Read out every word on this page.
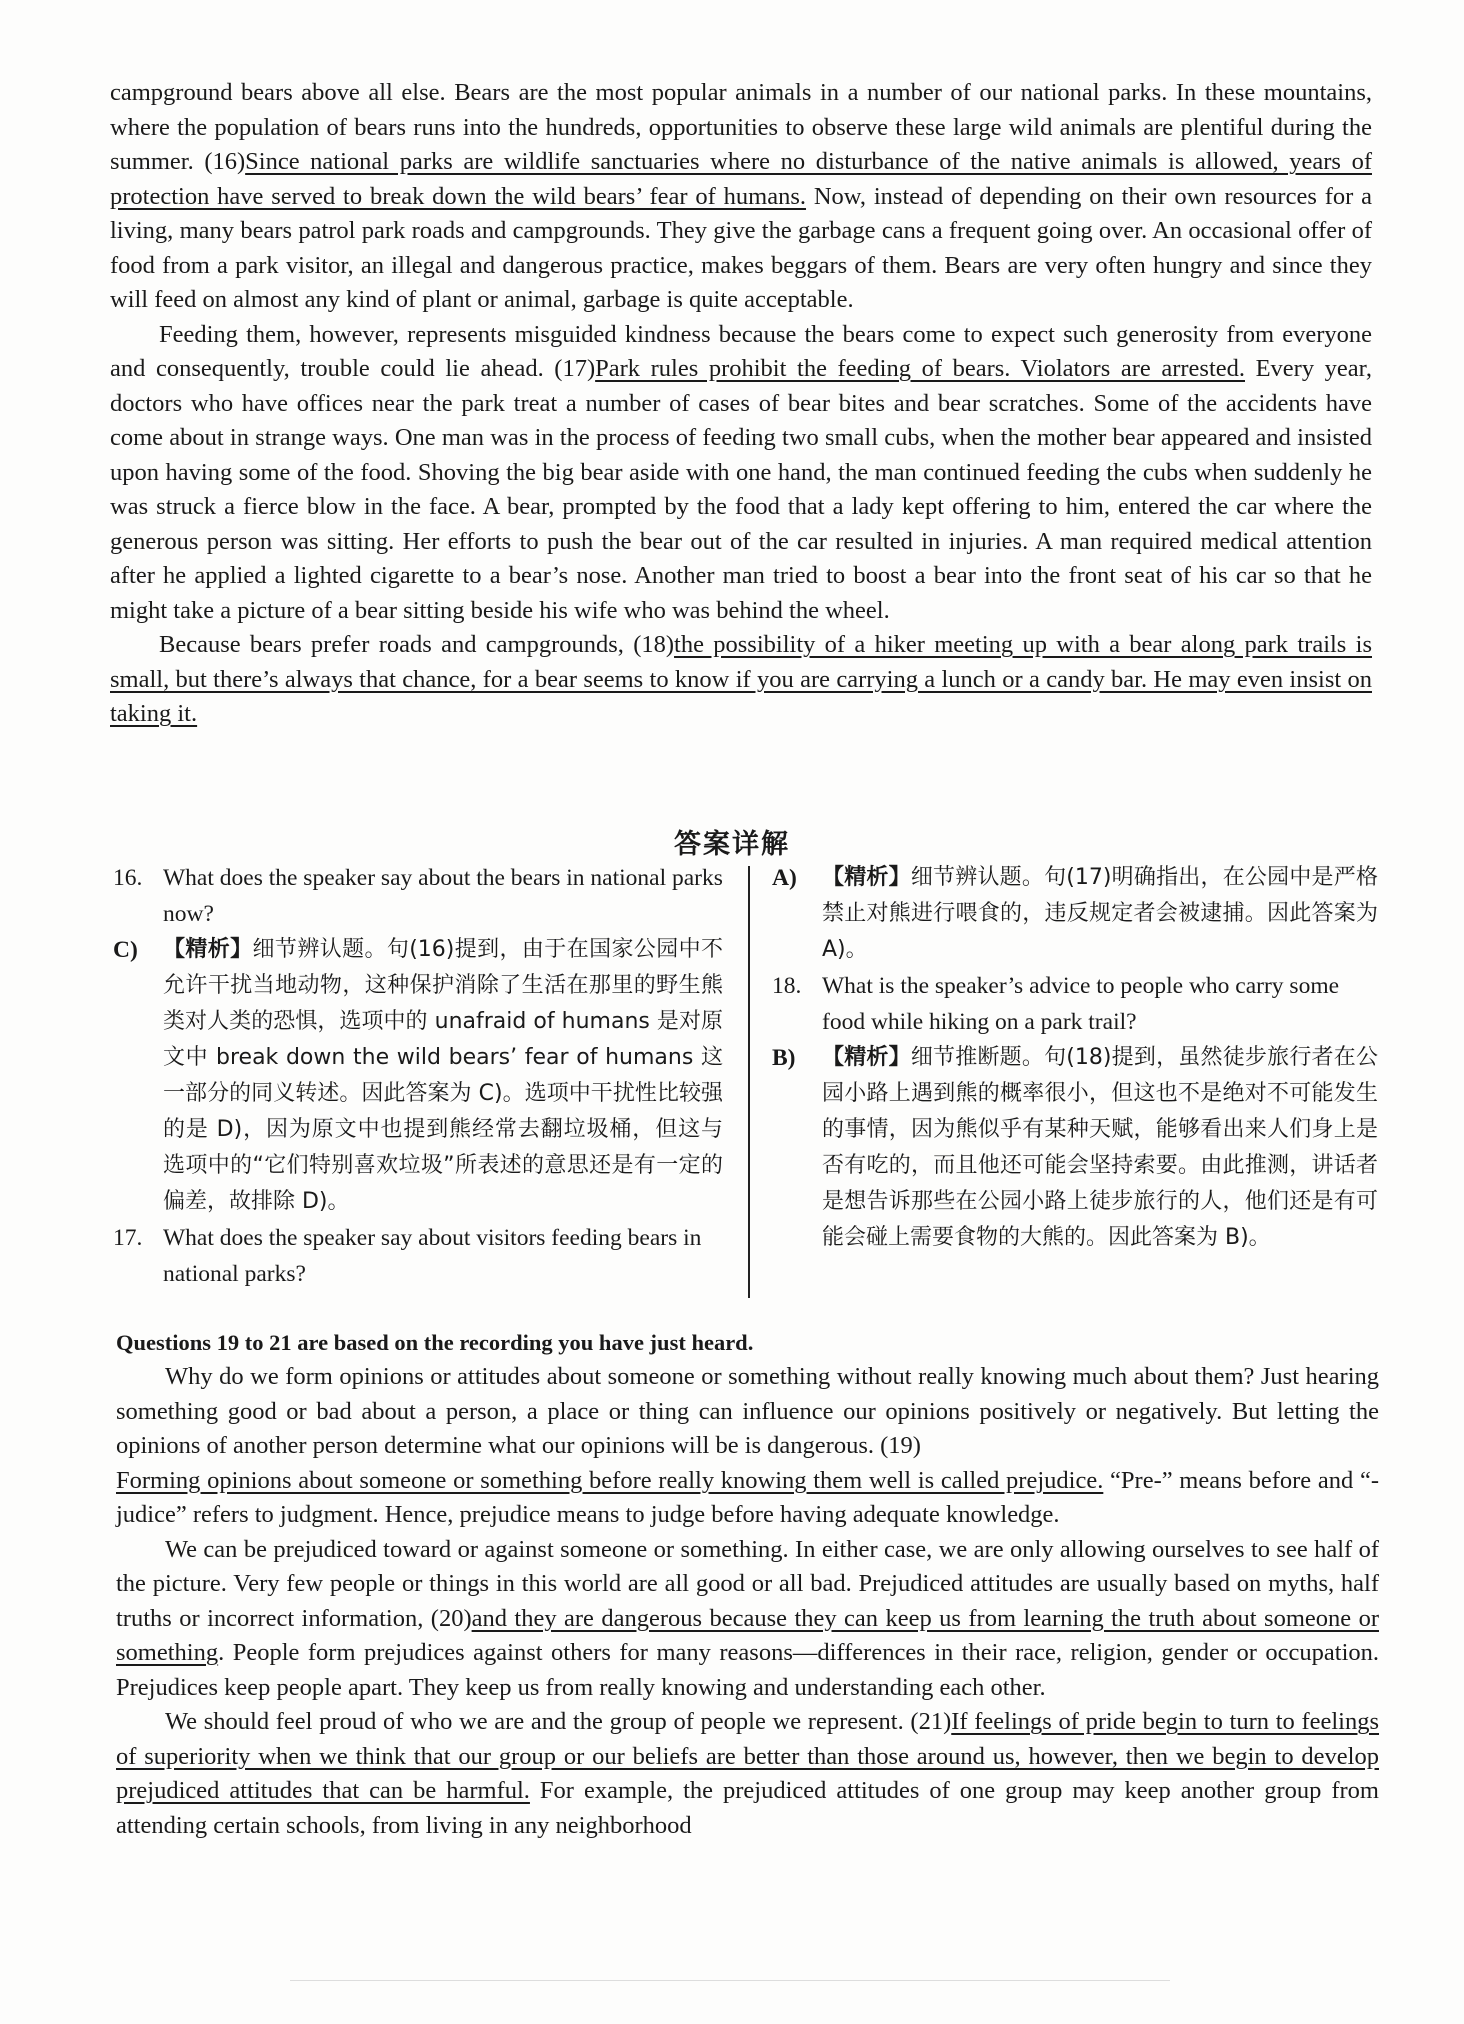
campground bears above all else. Bears are the most popular animals in a number of our national parks. In these mountains, where the population of bears runs into the hundreds, opportunities to observe these large wild animals are plentiful during the summer. (16)Since national parks are wildlife sanctuaries where no disturbance of the native animals is allowed, years of protection have served to break down the wild bears’ fear of humans. Now, instead of depending on their own resources for a living, many bears patrol park roads and campgrounds. They give the garbage cans a frequent going over. An occasional offer of food from a park visitor, an illegal and dangerous practice, makes beggars of them. Bears are very often hungry and since they will feed on almost any kind of plant or animal, garbage is quite acceptable.

Feeding them, however, represents misguided kindness because the bears come to expect such generosity from everyone and consequently, trouble could lie ahead. (17)Park rules prohibit the feeding of bears. Violators are arrested. Every year, doctors who have offices near the park treat a number of cases of bear bites and bear scratches. Some of the accidents have come about in strange ways. One man was in the process of feeding two small cubs, when the mother bear appeared and insisted upon having some of the food. Shoving the big bear aside with one hand, the man continued feeding the cubs when suddenly he was struck a fierce blow in the face. A bear, prompted by the food that a lady kept offering to him, entered the car where the generous person was sitting. Her efforts to push the bear out of the car resulted in injuries. A man required medical attention after he applied a lighted cigarette to a bear’s nose. Another man tried to boost a bear into the front seat of his car so that he might take a picture of a bear sitting beside his wife who was behind the wheel.

Because bears prefer roads and campgrounds, (18)the possibility of a hiker meeting up with a bear along park trails is small, but there’s always that chance, for a bear seems to know if you are carrying a lunch or a candy bar. He may even insist on taking it.

答案详解
16. What does the speaker say about the bears in national parks now?
C) 【精析】细节辨认题。句(16)提到，由于在国家公园中不允许干扰当地动物，这种保护消除了生活在那里的野生熊类对人类的恐惧，选项中的 unafraid of humans 是对原文中 break down the wild bears’ fear of humans 这一部分的同义转述。因此答案为 C)。选项中干扰性比较强的是 D)，因为原文中也提到熊经常去翻垃圾桶，但这与选项中的“它们特别喜欢垃圾”所表述的意思还是有一定的偏差，故排除 D)。
17. What does the speaker say about visitors feeding bears in national parks?
A) 【精析】细节辨认题。句(17)明确指出，在公园中是严格禁止对熊进行喂食的，违反规定者会被逮捕。因此答案为 A)。
18. What is the speaker’s advice to people who carry some food while hiking on a park trail?
B) 【精析】细节推断题。句(18)提到，虽然徒步旅行者在公园小路上遇到熊的概率很小，但这也不是绝对不可能发生的事情，因为熊似乎有某种天赋，能够看出来人们身上是否有吃的，而且他还可能会坚持索要。由此推测，讲话者是想告诉那些在公园小路上徒步旅行的人，他们还是有可能会碰上需要食物的大熊的。因此答案为 B)。
Questions 19 to 21 are based on the recording you have just heard.

Why do we form opinions or attitudes about someone or something without really knowing much about them? Just hearing something good or bad about a person, a place or thing can influence our opinions positively or negatively. But letting the opinions of another person determine what our opinions will be is dangerous. (19)
Forming opinions about someone or something before really knowing them well is called prejudice. “Pre-” means before and “-judice” refers to judgment. Hence, prejudice means to judge before having adequate knowledge.

We can be prejudiced toward or against someone or something. In either case, we are only allowing ourselves to see half of the picture. Very few people or things in this world are all good or all bad. Prejudiced attitudes are usually based on myths, half truths or incorrect information, (20)and they are dangerous because they can keep us from learning the truth about someone or something. People form prejudices against others for many reasons—differences in their race, religion, gender or occupation. Prejudices keep people apart. They keep us from really knowing and understanding each other.

We should feel proud of who we are and the group of people we represent. (21)If feelings of pride begin to turn to feelings of superiority when we think that our group or our beliefs are better than those around us, however, then we begin to develop prejudiced attitudes that can be harmful. For example, the prejudiced attitudes of one group may keep another group from attending certain schools, from living in any neighborhood
